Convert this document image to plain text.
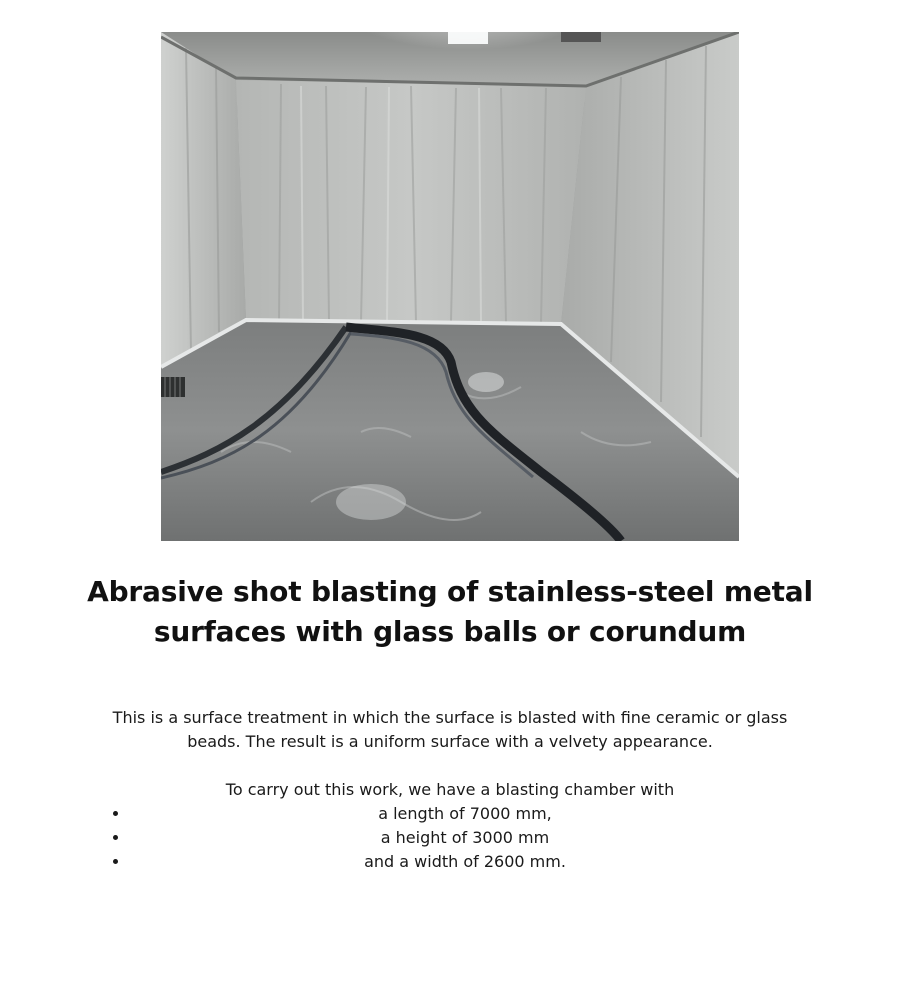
Abrasive shot blasting of stainless-steel metal surfaces with glass balls or corundum

This is a surface treatment in which the surface is blasted with fine ceramic or glass beads. The result is a uniform surface with a velvety appearance.

To carry out this work, we have a blasting chamber with

• a length of 7000 mm,
• a height of 3000 mm
• and a width of 2600 mm.
